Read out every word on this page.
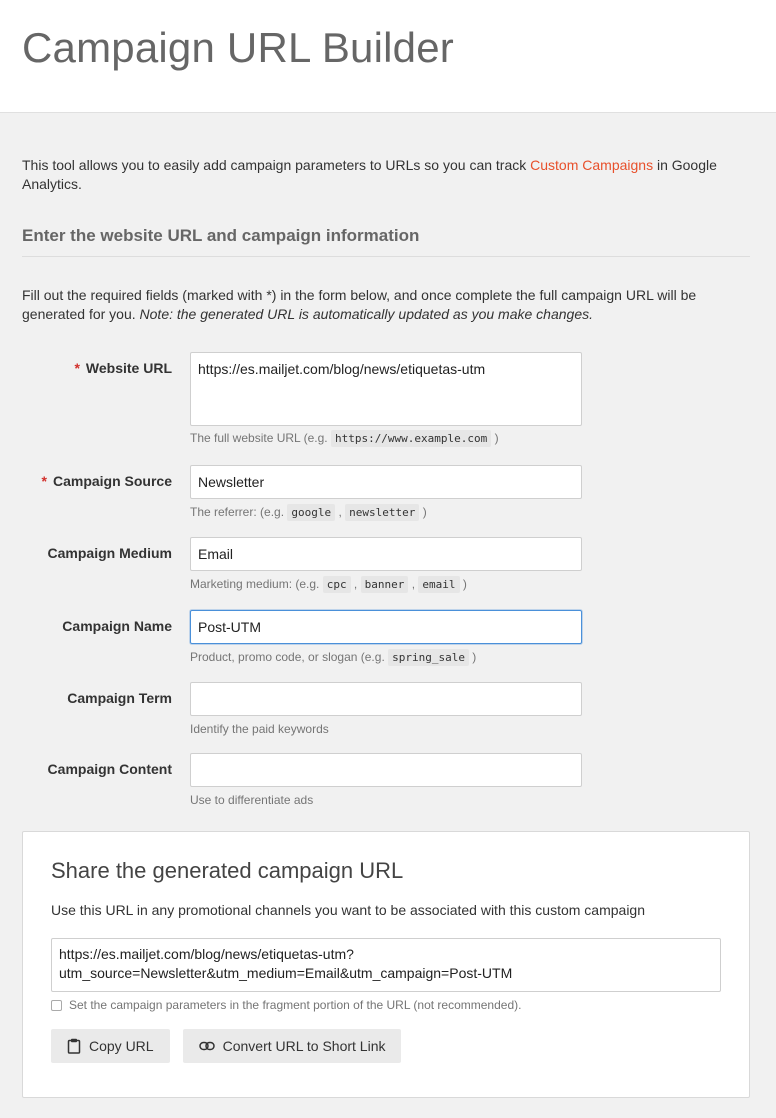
Campaign URL Builder

This tool allows you to easily add campaign parameters to URLs so you can track Custom Campaigns in Google Analytics.

Enter the website URL and campaign information

Fill out the required fields (marked with *) in the form below, and once complete the full campaign URL will be generated for you. Note: the generated URL is automatically updated as you make changes.

* Website URL
https://es.mailjet.com/blog/news/etiquetas-utm
The full website URL (e.g. https://www.example.com )
* Campaign Source
Newsletter
The referrer: (e.g. google , newsletter )
Campaign Medium
Email
Marketing medium: (e.g. cpc , banner , email )
Campaign Name
Post-UTM
Product, promo code, or slogan (e.g. spring_sale )
Campaign Term
Identify the paid keywords
Campaign Content
Use to differentiate ads
Share the generated campaign URL

Use this URL in any promotional channels you want to be associated with this custom campaign

https://es.mailjet.com/blog/news/etiquetas-utm?utm_source=Newsletter&utm_medium=Email&utm_campaign=Post-UTM
Set the campaign parameters in the fragment portion of the URL (not recommended).
Copy URL	Convert URL to Short Link
